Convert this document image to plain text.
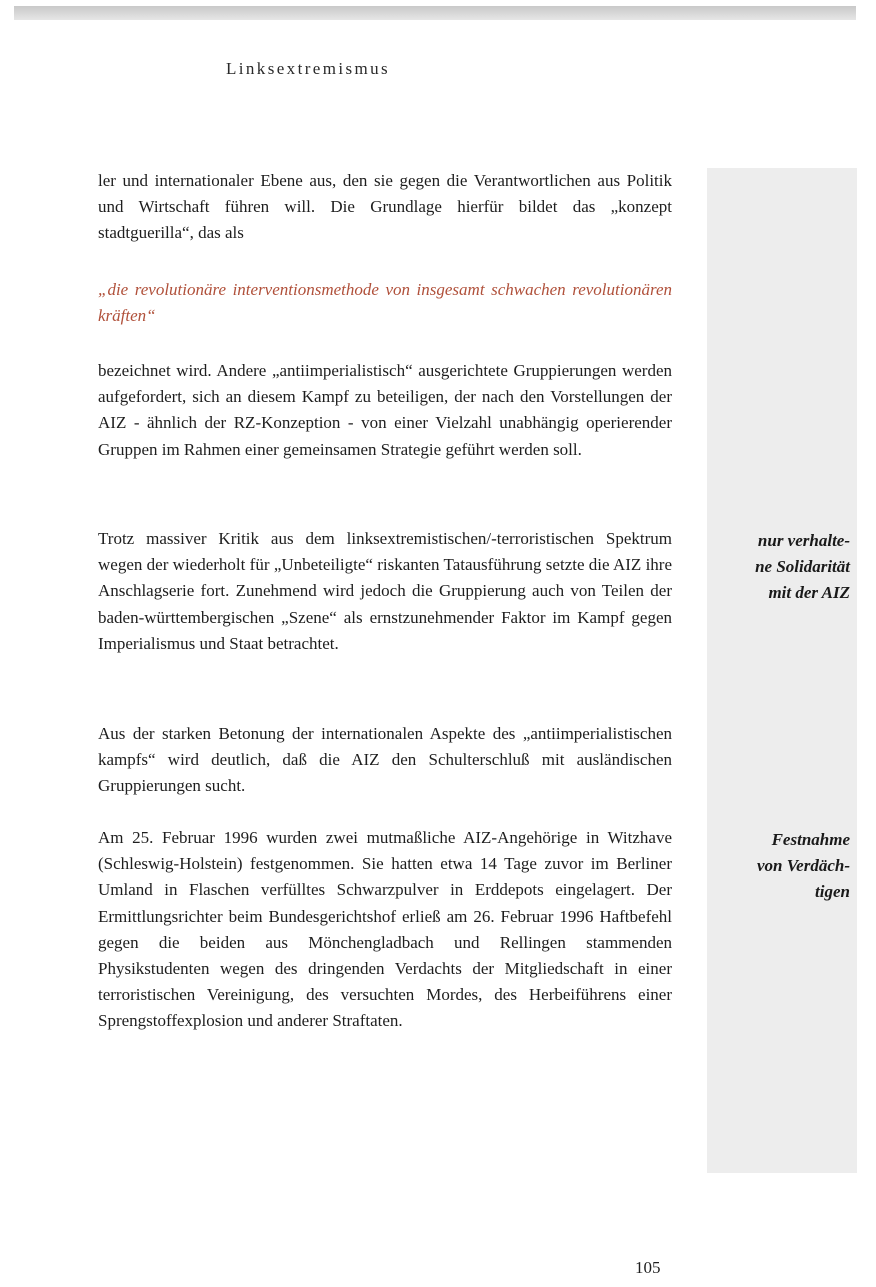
Linksextremismus

ler und internationaler Ebene aus, den sie gegen die Verantwortlichen aus Politik und Wirtschaft führen will. Die Grundlage hierfür bildet das „konzept stadtguerilla“, das als

„die revolutionäre interventionsmethode von insgesamt schwachen revolutionären kräften“

bezeichnet wird. Andere „antiimperialistisch“ ausgerichtete Gruppierungen werden aufgefordert, sich an diesem Kampf zu beteiligen, der nach den Vorstellungen der AIZ - ähnlich der RZ-Konzeption - von einer Vielzahl unabhängig operierender Gruppen im Rahmen einer gemeinsamen Strategie geführt werden soll.

Trotz massiver Kritik aus dem linksextremistischen/-terroristischen Spektrum wegen der wiederholt für „Unbeteiligte“ riskanten Tatausführung setzte die AIZ ihre Anschlagserie fort. Zunehmend wird jedoch die Gruppierung auch von Teilen der baden-württembergischen „Szene“ als ernstzunehmender Faktor im Kampf gegen Imperialismus und Staat betrachtet.

nur verhalte-
ne Solidarität
mit der AIZ

Aus der starken Betonung der internationalen Aspekte des „antiimperialistischen kampfs“ wird deutlich, daß die AIZ den Schulterschluß mit ausländischen Gruppierungen sucht.

Am 25. Februar 1996 wurden zwei mutmaßliche AIZ-Angehörige in Witzhave (Schleswig-Holstein) festgenommen. Sie hatten etwa 14 Tage zuvor im Berliner Umland in Flaschen verfülltes Schwarzpulver in Erddepots eingelagert. Der Ermittlungsrichter beim Bundesgerichtshof erließ am 26. Februar 1996 Haftbefehl gegen die beiden aus Mönchengladbach und Rellingen stammenden Physikstudenten wegen des dringenden Verdachts der Mitgliedschaft in einer terroristischen Vereinigung, des versuchten Mordes, des Herbeiführens einer Sprengstoffexplosion und anderer Straftaten.

Festnahme
von Verdäch-
tigen
105
